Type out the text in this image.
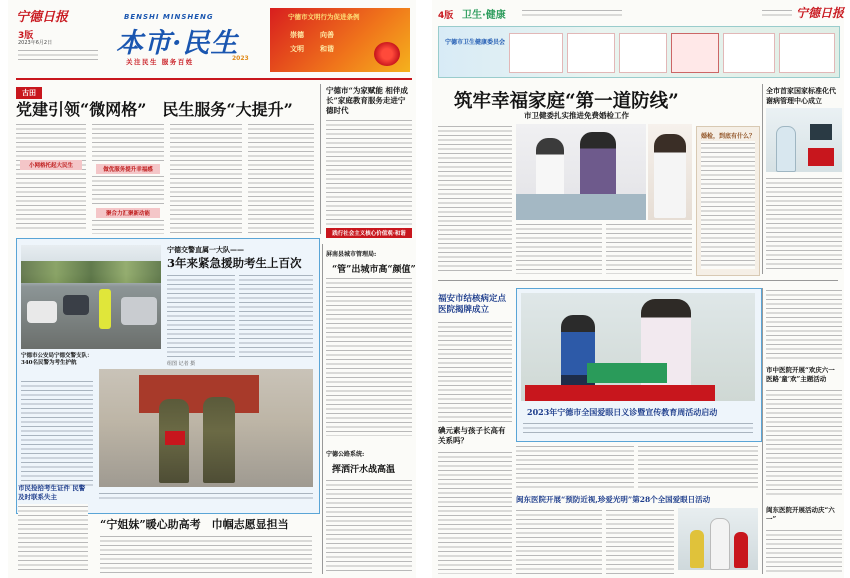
宁德日报
3版
2023年6月2日
BENSHI MINSHENG
本市·民生
关注民生 服务百姓	2023
宁德市文明行为促进条例
崇德 向善
文明 和谐
古田
党建引领“微网格”　民生服务“大提升”
小网格托起大民生
做优服务提升幸福感
聚合力汇聚新动能
宁德市“为家赋能 相伴成长”家庭教育服务走进宁德时代
践行社会主义核心价值观·和谐
宁德交警直属一大队——
3年来紧急援助考生上百次
组图 记者 摄
宁德市公安局宁德交警支队：340名民警为考生护航
市民捡拾考生证件 民警及时联系失主
“宁姐妹”暖心助高考　巾帼志愿显担当
屏南县城市管理局:
“管”出城市高“颜值”
宁德公路系统:
挥洒汗水战高温
4版 卫生·健康	宁德日报
宁德市卫生健康委员会
筑牢幸福家庭“第一道防线”
市卫健委扎实推进免费婚检工作
全市首家国家标准化代谢病管理中心成立
婚检，到底有什么？
福安市结核病定点医院揭牌成立
2023年宁德市全国爱眼日义诊暨宣传教育周活动启动
市中医院开展“欢庆六一 医路‘童’欢”主题活动
闽东医院开展活动庆“六一”
碘元素与孩子长高有关系吗？
闽东医院开展“预防近视,珍爱光明”第28个全国爱眼日活动
